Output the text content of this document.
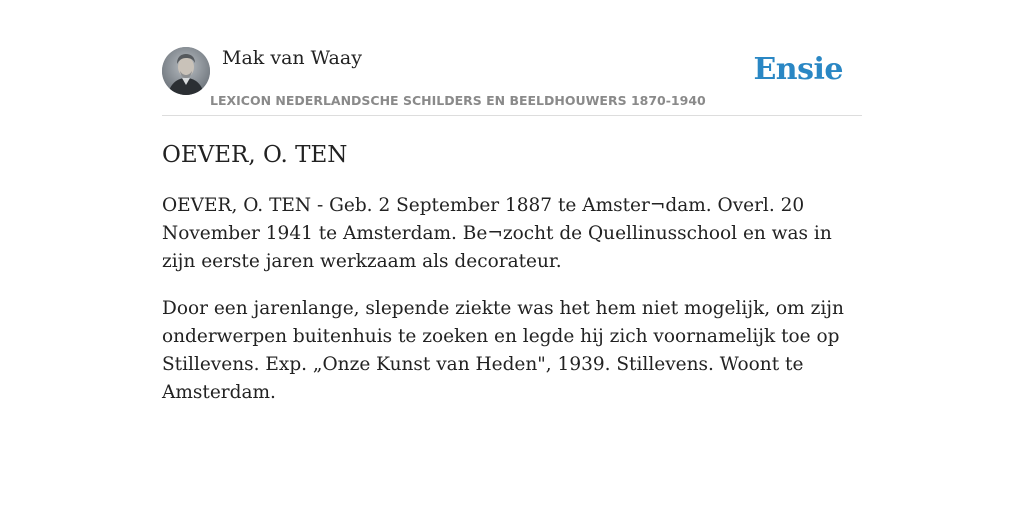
Mak van Waay	Ensie
LEXICON NEDERLANDSCHE SCHILDERS EN BEELDHOUWERS 1870-1940
OEVER, O. TEN

OEVER, O. TEN - Geb. 2 September 1887 te Amster¬dam. Overl. 20 November 1941 te Amsterdam. Be¬zocht de Quellinusschool en was in zijn eerste jaren werkzaam als decorateur.

Door een jarenlange, slepende ziekte was het hem niet mogelijk, om zijn onderwerpen buitenhuis te zoeken en legde hij zich voornamelijk toe op Stillevens. Exp. „Onze Kunst van Heden", 1939. Stillevens. Woont te Amsterdam.
